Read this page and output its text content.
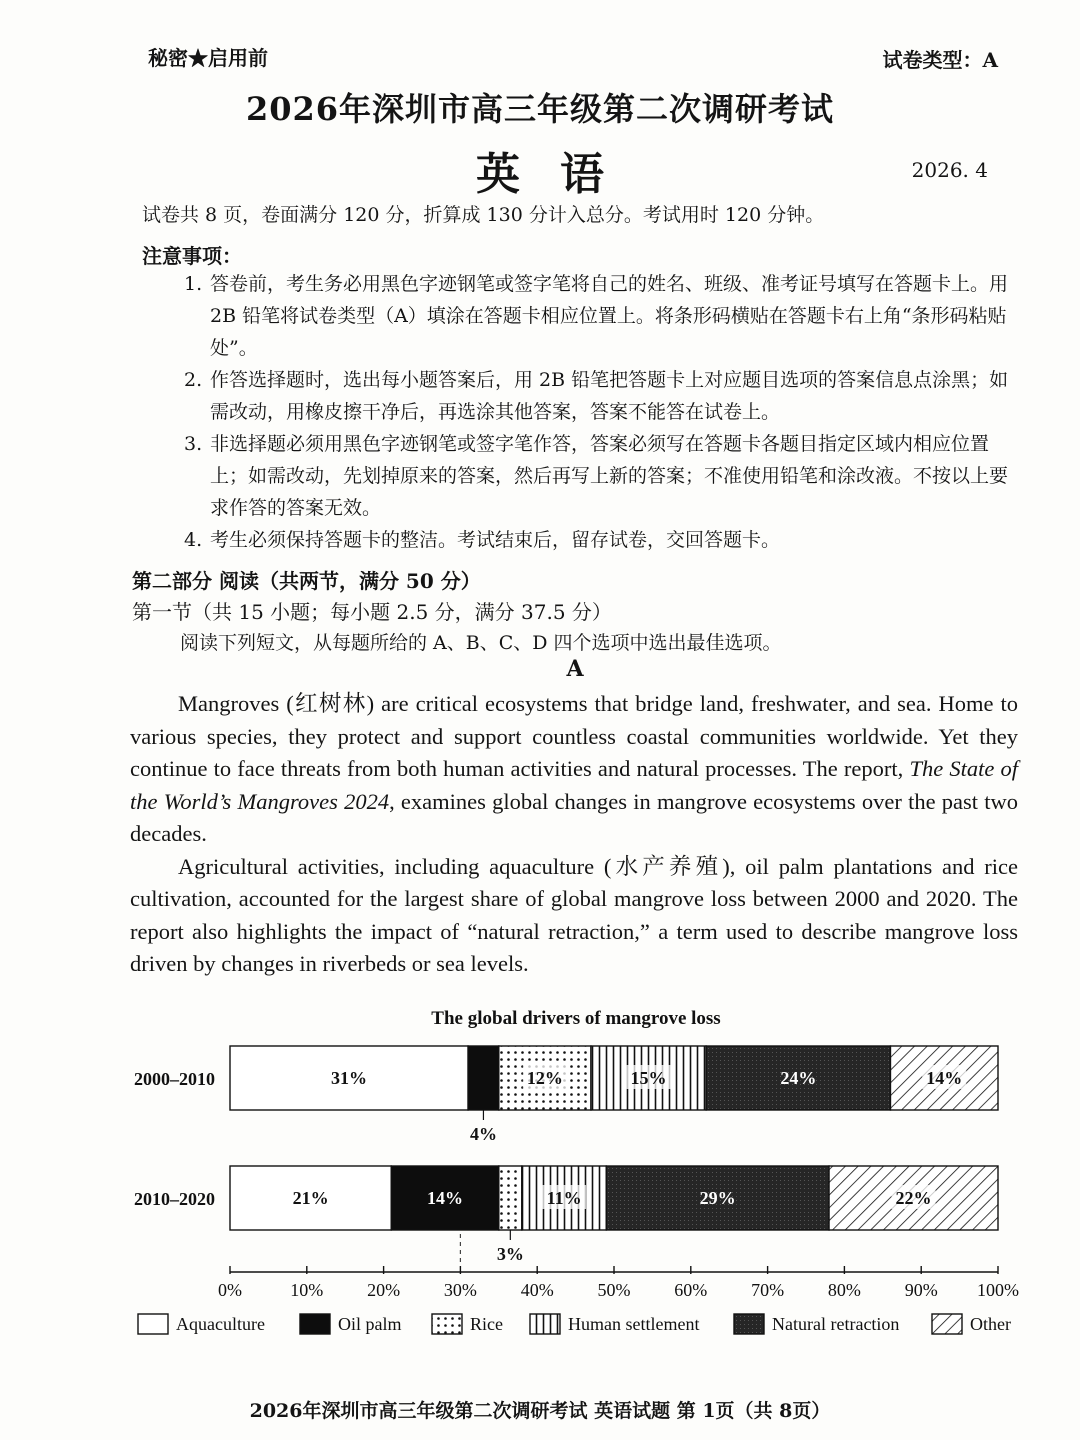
秘密★启用前	试卷类型：A
2026年深圳市高三年级第二次调研考试
英语	2026. 4
试卷共 8 页，卷面满分 120 分，折算成 130 分计入总分。考试用时 120 分钟。
注意事项：
1. 答卷前，考生务必用黑色字迹钢笔或签字笔将自己的姓名、班级、准考证号填写在答题卡上。用 2B 铅笔将试卷类型（A）填涂在答题卡相应位置上。将条形码横贴在答题卡右上角“条形码粘贴处”。
2. 作答选择题时，选出每小题答案后，用 2B 铅笔把答题卡上对应题目选项的答案信息点涂黑；如需改动，用橡皮擦干净后，再选涂其他答案，答案不能答在试卷上。
3. 非选择题必须用黑色字迹钢笔或签字笔作答，答案必须写在答题卡各题目指定区域内相应位置上；如需改动，先划掉原来的答案，然后再写上新的答案；不准使用铅笔和涂改液。不按以上要求作答的答案无效。
4. 考生必须保持答题卡的整洁。考试结束后，留存试卷，交回答题卡。
第二部分 阅读（共两节，满分 50 分）
第一节（共 15 小题；每小题 2.5 分，满分 37.5 分）
阅读下列短文，从每题所给的 A、B、C、D 四个选项中选出最佳选项。
A

Mangroves (红树林) are critical ecosystems that bridge land, freshwater, and sea. Home to various species, they protect and support countless coastal communities worldwide. Yet they continue to face threats from both human activities and natural processes. The report, The State of the World’s Mangroves 2024, examines global changes in mangrove ecosystems over the past two decades.

Agricultural activities, including aquaculture (水产养殖), oil palm plantations and rice cultivation, accounted for the largest share of global mangrove loss between 2000 and 2020. The report also highlights the impact of “natural retraction,” a term used to describe mangrove loss driven by changes in riverbeds or sea levels.

The global drivers of mangrove loss
2000–2010	31%
4%
12%	15%	24%	14%
2010–2020	21%	14%
3%
11%	29%	22%
0%	10% 20% 30% 40% 50% 60% 70% 80% 90% 100%
Aquaculture	Oil palm	Rice	Human settlement	Natural retraction	Other
2026年深圳市高三年级第二次调研考试 英语试题 第 1页（共 8页）
